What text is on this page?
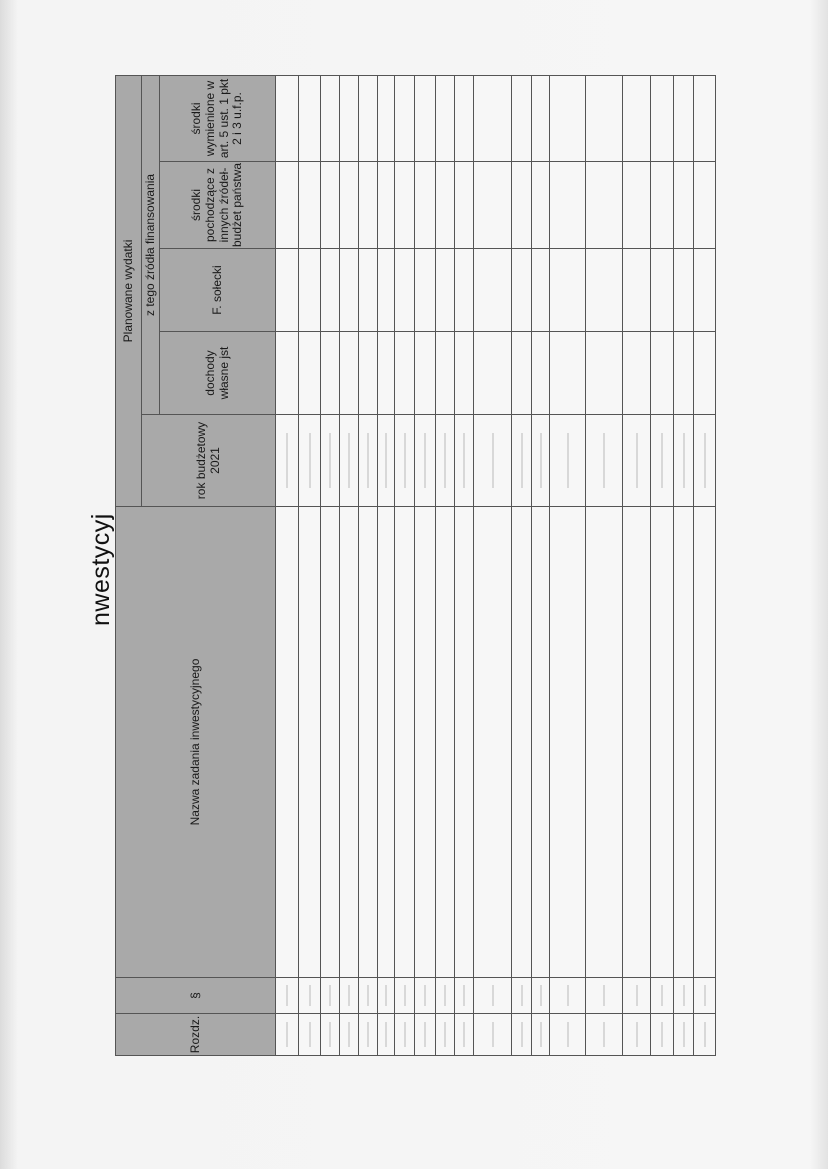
nwestycyj
Rozdz.	§	Nazwa zadania inwestycyjnego	Planowane wydatki				
			rok budżetowy 2021	z tego źródła finansowania			
				dochody własne jst	F. sołecki	środki pochodzące z innych źródeł- budżet państwa	środki wymienione w art. 5 ust. 1 pkt 2 i 3 u.f.p.
